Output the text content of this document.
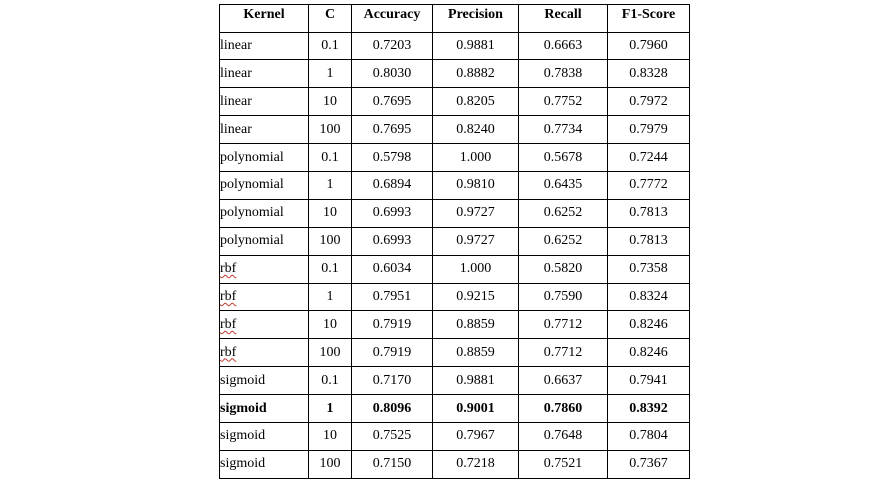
Kernel	C	Accuracy	Precision	Recall	F1-Score
linear	0.1	0.7203	0.9881	0.6663	0.7960
linear	1	0.8030	0.8882	0.7838	0.8328
linear	10	0.7695	0.8205	0.7752	0.7972
linear	100	0.7695	0.8240	0.7734	0.7979
polynomial	0.1	0.5798	1.000	0.5678	0.7244
polynomial	1	0.6894	0.9810	0.6435	0.7772
polynomial	10	0.6993	0.9727	0.6252	0.7813
polynomial	100	0.6993	0.9727	0.6252	0.7813
rbf	0.1	0.6034	1.000	0.5820	0.7358
rbf	1	0.7951	0.9215	0.7590	0.8324
rbf	10	0.7919	0.8859	0.7712	0.8246
rbf	100	0.7919	0.8859	0.7712	0.8246
sigmoid	0.1	0.7170	0.9881	0.6637	0.7941
sigmoid	1	0.8096	0.9001	0.7860	0.8392
sigmoid	10	0.7525	0.7967	0.7648	0.7804
sigmoid	100	0.7150	0.7218	0.7521	0.7367
